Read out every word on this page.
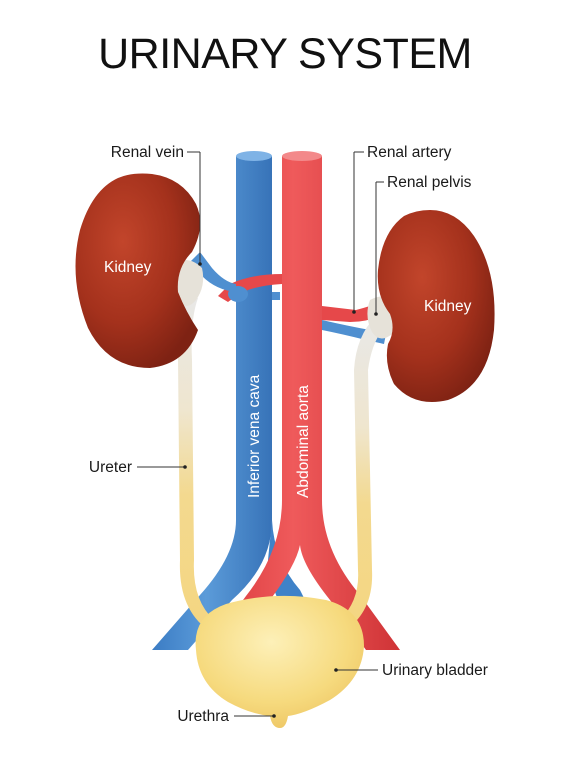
URINARY SYSTEM
Renal vein	Renal artery
Renal pelvis
Kidney
Kidney
Ureter	Inferior vena cava Abdominal aorta
Urinary bladder
Urethra
